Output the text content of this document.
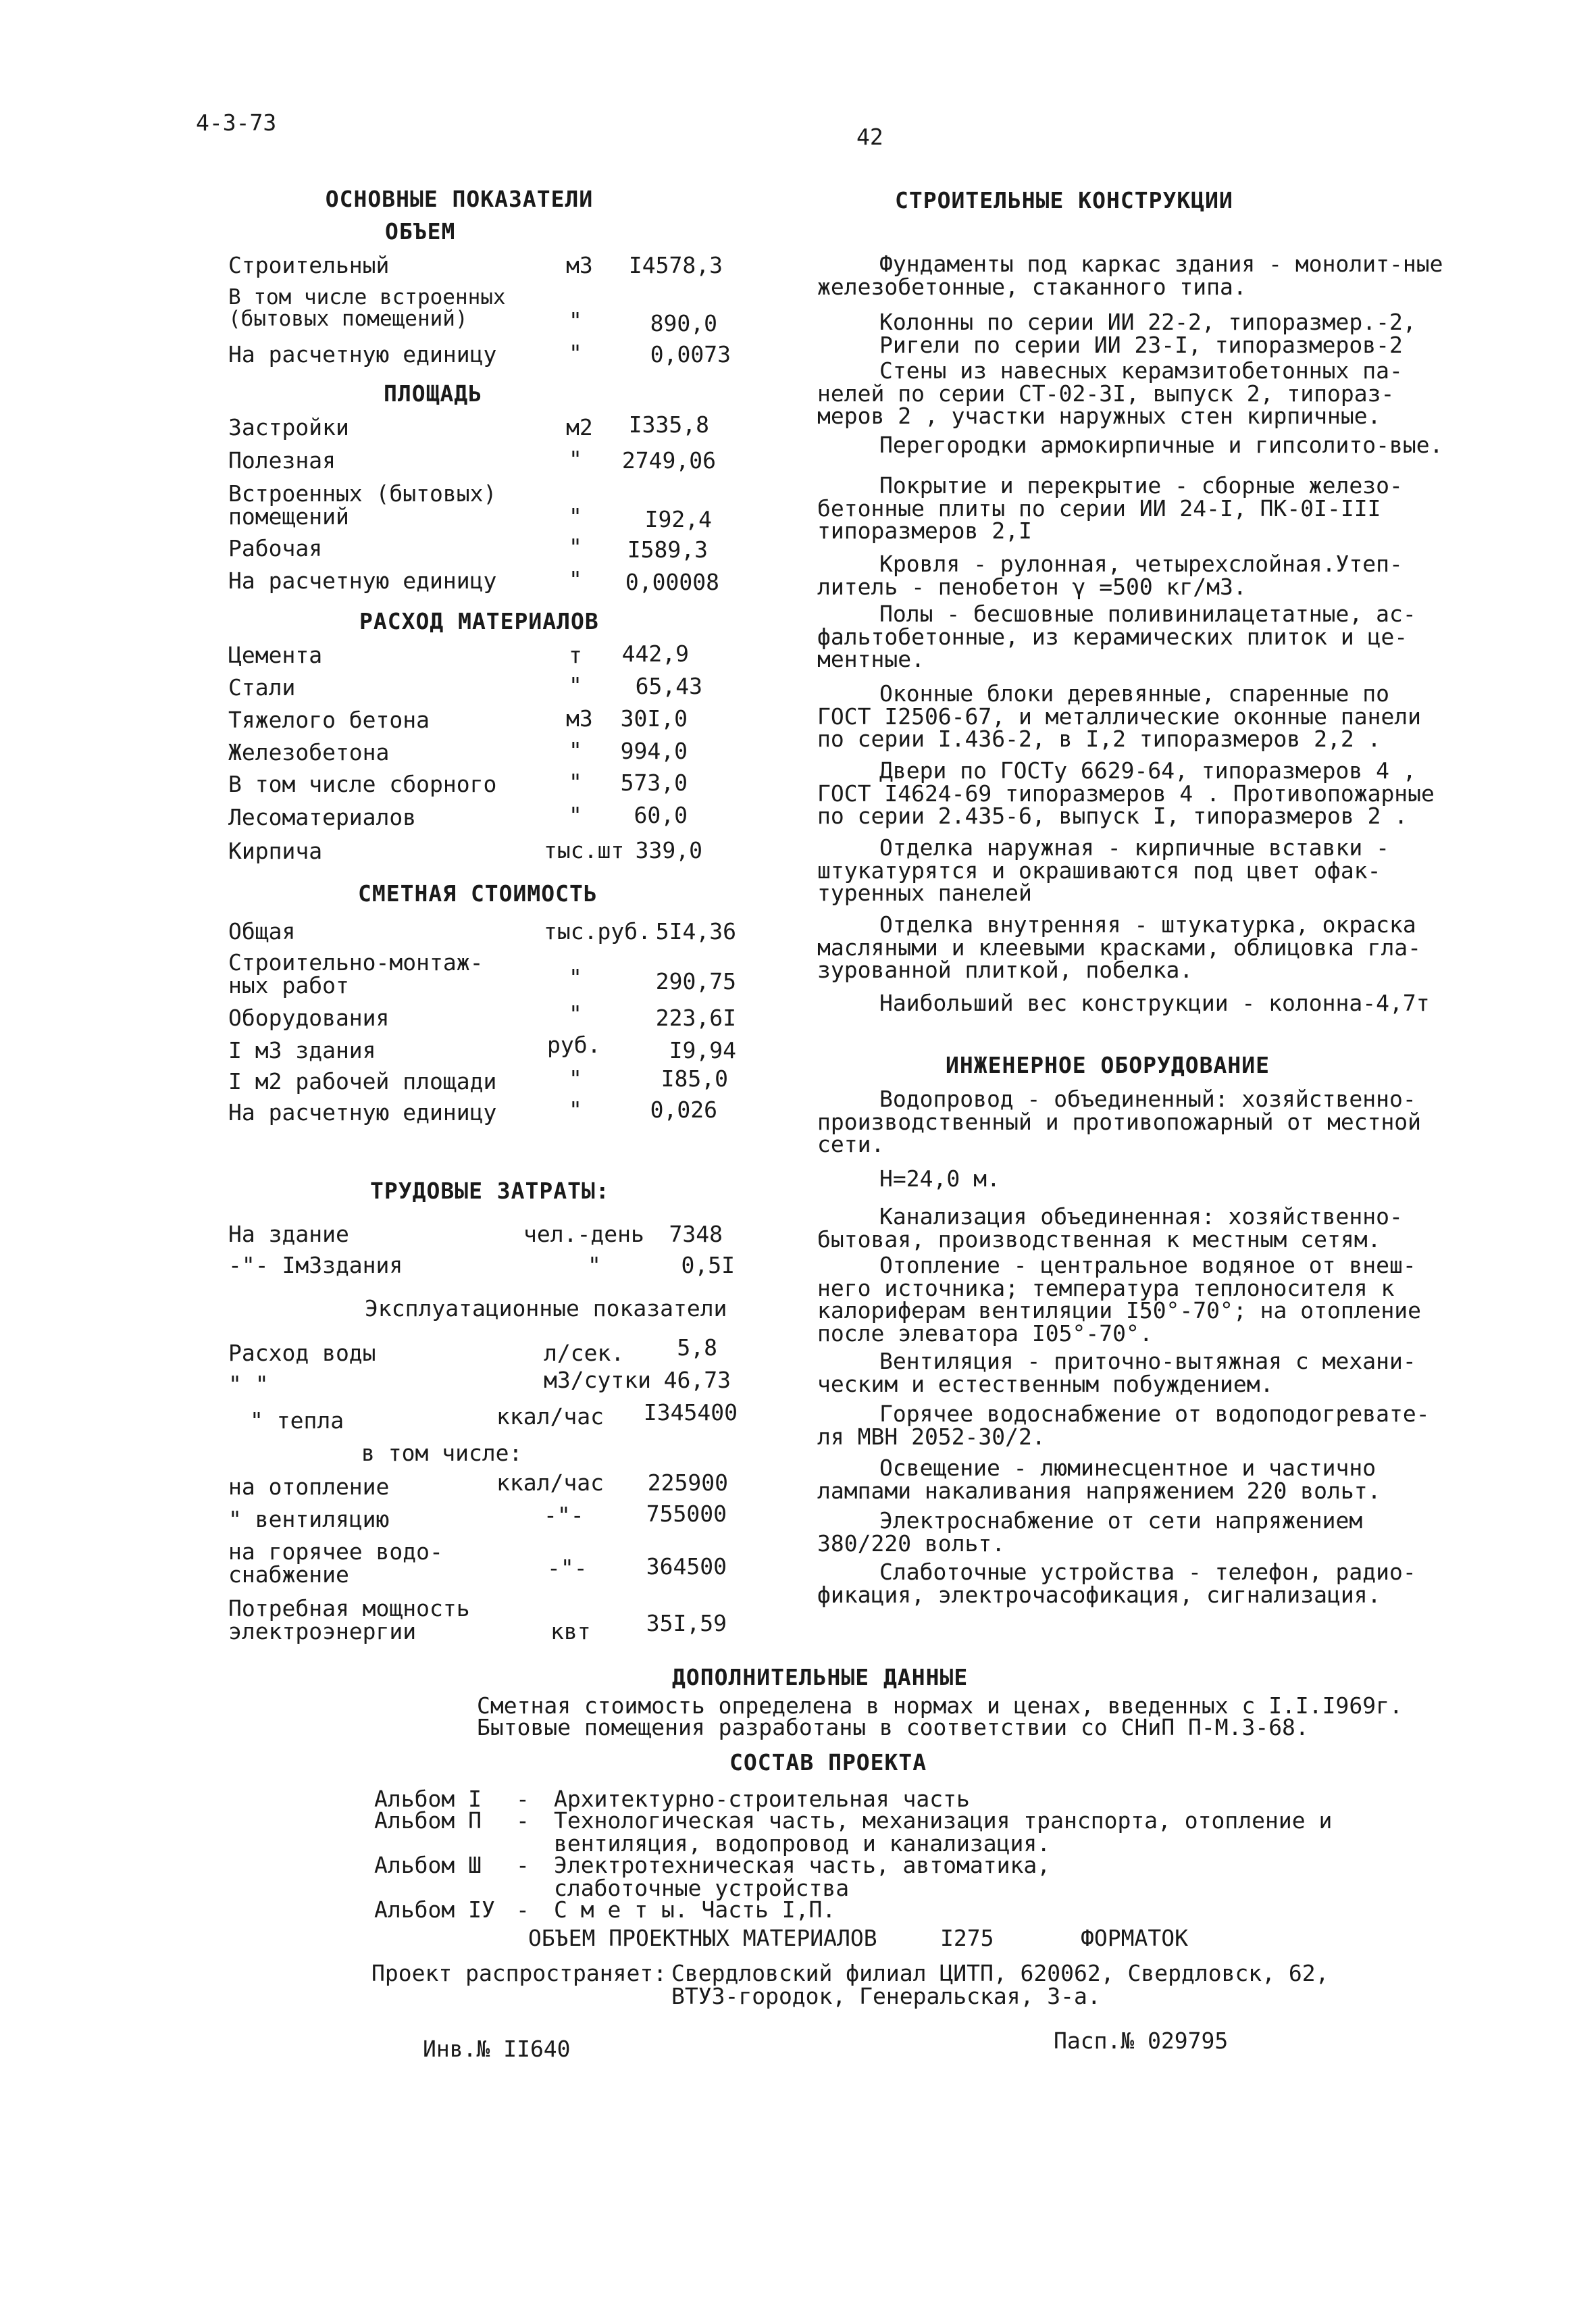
4-3-73
42
ОСНОВНЫЕ ПОКАЗАТЕЛИ
ОБЪЕМ
Строительный	м3	I4578,3
В том числе встроенных
(бытовых помещений)	"	890,0
На расчетную единицу	"	0,0073
ПЛОЩАДЬ
Застройки	м2	I335,8
Полезная	" 2749,06
Встроенных (бытовых)
помещений	"	I92,4
Рабочая	" I589,3
На расчетную единицу	"	0,00008
РАСХОД МАТЕРИАЛОВ
Цемента	т	442,9
Стали	"	65,43
Тяжелого бетона	м3	30I,0
Железобетона	"	994,0
В том числе сборного	"	573,0
Лесоматериалов	"	60,0
Кирпича	тыс.шт 339,0
СМЕТНАЯ СТОИМОСТЬ
Общая	тыс.руб. 5I4,36
Строительно-монтаж-
ных работ	"	290,75
Оборудования	"	223,6I
I м3 здания	руб.	I9,94
I м2 рабочей площади	"	I85,0
На расчетную единицу	"	0,026
ТРУДОВЫЕ ЗАТРАТЫ:
На здание	чел.-день	7348
-"- Iм3здания	"	0,5I
Эксплуатационные показатели
Расход воды	л/сек.	5,8
" "	м3/сутки 46,73
" тепла	ккал/час	I345400
в том числе:
на отопление	ккал/час	225900
" вентиляцию	-"-	755000
на горячее водо-
снабжение	-"-	364500
Потребная мощность
электроэнергии	квт	35I,59
СТРОИТЕЛЬНЫЕ КОНСТРУКЦИИ
Фундаменты под каркас здания - монолит-ные железобетонные, стаканного типа.
Колонны по серии ИИ 22-2, типоразмер.-2,
Ригели по серии ИИ 23-I, типоразмеров-2
Стены из навесных керамзитобетонных па-нелей по серии СТ-02-3I, выпуск 2, типораз-меров 2 , участки наружных стен кирпичные.
Перегородки армокирпичные и гипсолито-вые.
Покрытие и перекрытие - сборные железо-бетонные плиты по серии ИИ 24-I, ПК-0I-III типоразмеров 2,I
Кровля - рулонная, четырехслойная.Утеп-литель - пенобетон γ =500 кг/м3.
Полы - бесшовные поливинилацетатные, ас-фальтобетонные, из керамических плиток и це-ментные.
Оконные блоки деревянные, спаренные по ГОСТ I2506-67, и металлические оконные панели по серии I.436-2, в I,2 типоразмеров 2,2 .
Двери по ГОСТу 6629-64, типоразмеров 4 , ГОСТ I4624-69 типоразмеров 4 . Противопожарные по серии 2.435-6, выпуск I, типоразмеров 2 .
Отделка наружная - кирпичные вставки - штукатурятся и окрашиваются под цвет офак-туренных панелей
Отделка внутренняя - штукатурка, окраска масляными и клеевыми красками, облицовка гла-зурованной плиткой, побелка.
Наибольший вес конструкции - колонна-4,7т
ИНЖЕНЕРНОЕ ОБОРУДОВАНИЕ
Водопровод - объединенный: хозяйственно-производственный и противопожарный от местной сети.
Н=24,0 м.
Канализация объединенная: хозяйственно-бытовая, производственная к местным сетям.
Отопление - центральное водяное от внеш-него источника; температура теплоносителя к калориферам вентиляции I50°-70°; на отопление после элеватора I05°-70°.
Вентиляция - приточно-вытяжная с механи-ческим и естественным побуждением.
Горячее водоснабжение от водоподогревате-ля МВН 2052-30/2.
Освещение - люминесцентное и частично лампами накаливания напряжением 220 вольт.
Электроснабжение от сети напряжением 380/220 вольт.
Слаботочные устройства - телефон, радио-фикация, электрочасофикация, сигнализация.
ДОПОЛНИТЕЛЬНЫЕ ДАННЫЕ
Сметная стоимость определена в нормах и ценах, введенных с I.I.I969г.
Бытовые помещения разработаны в соответствии со СНиП П-М.3-68.
СОСТАВ ПРОЕКТА
Альбом I - Архитектурно-строительная часть
Альбом П - Технологическая часть, механизация транспорта, отопление и
вентиляция, водопровод и канализация.
Альбом Ш - Электротехническая часть, автоматика,
слаботочные устройства
Альбом IУ - С м е т ы. Часть I,П.
ОБЪЕМ ПРОЕКТНЫХ МАТЕРИАЛОВ	I275	ФОРМАТОК
Проект распространяет: Свердловский филиал ЦИТП, 620062, Свердловск, 62,
ВТУЗ-городок, Генеральская, 3-а.
Инв.№ II640	Пасп.№ 029795
